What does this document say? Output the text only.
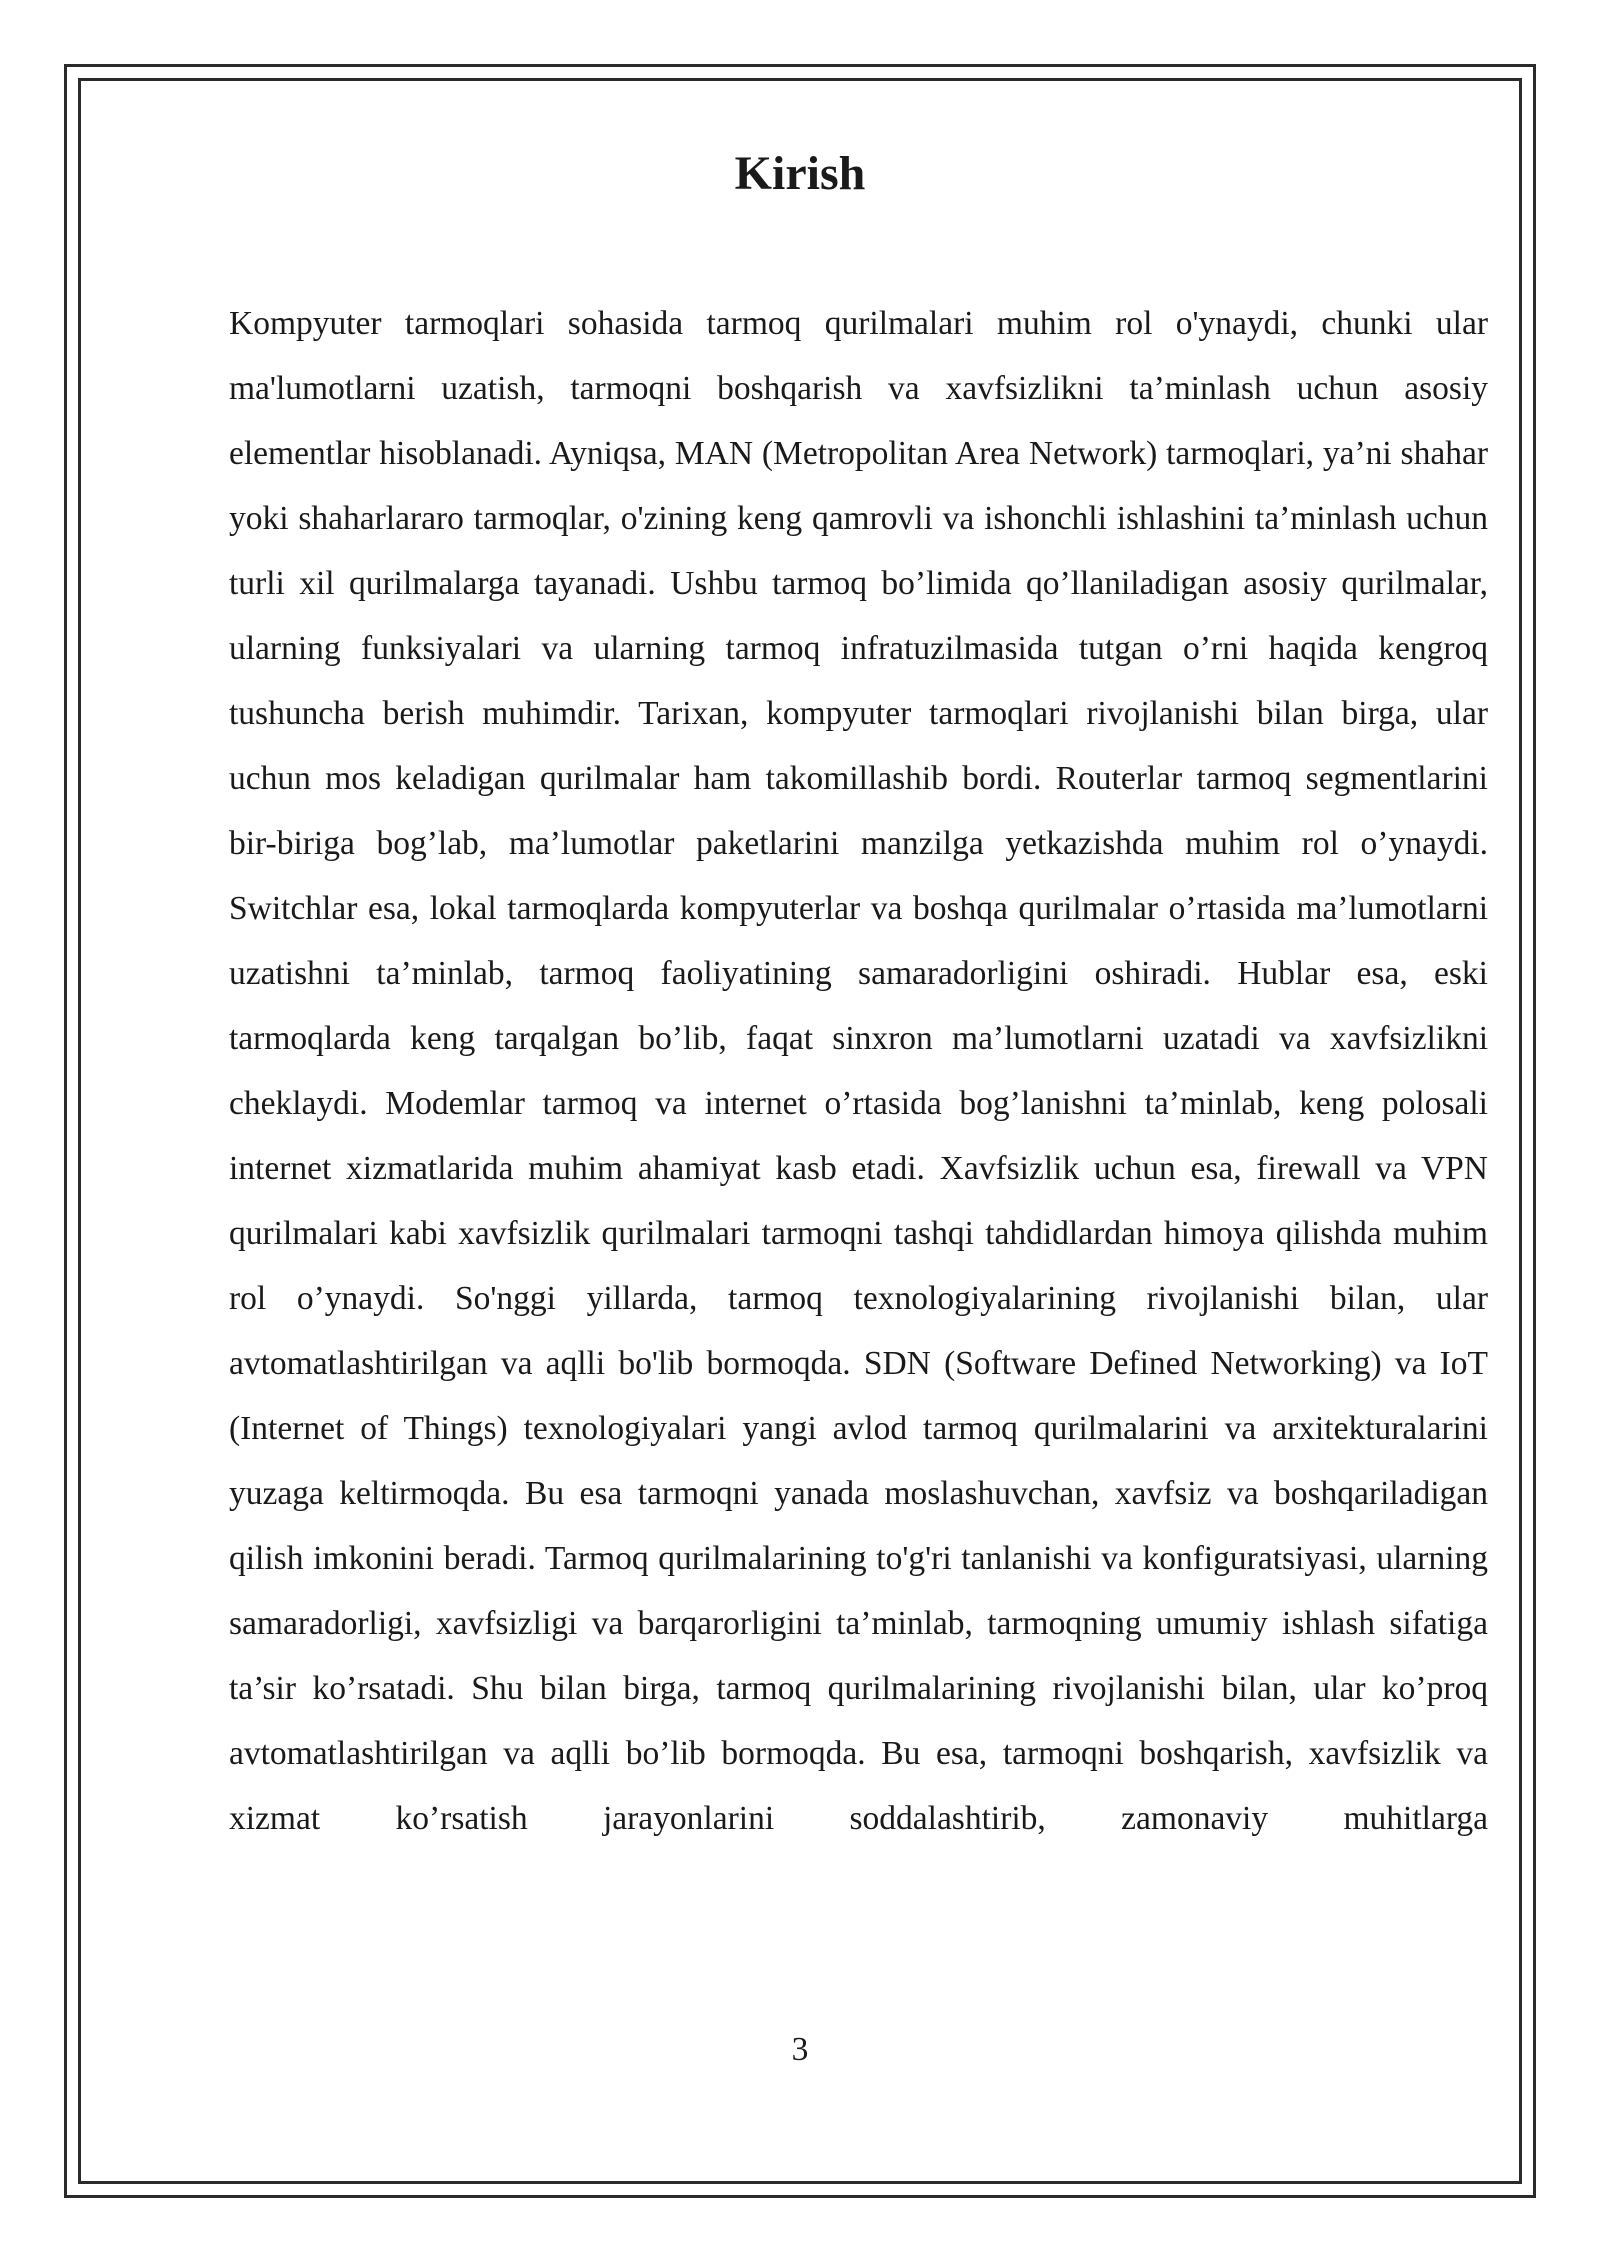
Kirish

Kompyuter tarmoqlari sohasida tarmoq qurilmalari muhim rol o'ynaydi, chunki ular ma'lumotlarni uzatish, tarmoqni boshqarish va xavfsizlikni ta’minlash uchun asosiy elementlar hisoblanadi. Ayniqsa, MAN (Metropolitan Area Network) tarmoqlari, ya’ni shahar yoki shaharlararo tarmoqlar, o'zining keng qamrovli va ishonchli ishlashini ta’minlash uchun turli xil qurilmalarga tayanadi. Ushbu tarmoq bo’limida qo’llaniladigan asosiy qurilmalar, ularning funksiyalari va ularning tarmoq infratuzilmasida tutgan o’rni haqida kengroq tushuncha berish muhimdir. Tarixan, kompyuter tarmoqlari rivojlanishi bilan birga, ular uchun mos keladigan qurilmalar ham takomillashib bordi. Routerlar tarmoq segmentlarini bir-biriga bog’lab, ma’lumotlar paketlarini manzilga yetkazishda muhim rol o’ynaydi. Switchlar esa, lokal tarmoqlarda kompyuterlar va boshqa qurilmalar o’rtasida ma’lumotlarni uzatishni ta’minlab, tarmoq faoliyatining samaradorligini oshiradi. Hublar esa, eski tarmoqlarda keng tarqalgan bo’lib, faqat sinxron ma’lumotlarni uzatadi va xavfsizlikni cheklaydi. Modemlar tarmoq va internet o’rtasida bog’lanishni ta’minlab, keng polosali internet xizmatlarida muhim ahamiyat kasb etadi. Xavfsizlik uchun esa, firewall va VPN qurilmalari kabi xavfsizlik qurilmalari tarmoqni tashqi tahdidlardan himoya qilishda muhim rol o’ynaydi. So'nggi yillarda, tarmoq texnologiyalarining rivojlanishi bilan, ular avtomatlashtirilgan va aqlli bo'lib bormoqda. SDN (Software Defined Networking) va IoT (Internet of Things) texnologiyalari yangi avlod tarmoq qurilmalarini va arxitekturalarini yuzaga keltirmoqda. Bu esa tarmoqni yanada moslashuvchan, xavfsiz va boshqariladigan qilish imkonini beradi. Tarmoq qurilmalarining to'g'ri tanlanishi va konfiguratsiyasi, ularning samaradorligi, xavfsizligi va barqarorligini ta’minlab, tarmoqning umumiy ishlash sifatiga ta’sir ko’rsatadi. Shu bilan birga, tarmoq qurilmalarining rivojlanishi bilan, ular ko’proq avtomatlashtirilgan va aqlli bo’lib bormoqda. Bu esa, tarmoqni boshqarish, xavfsizlik va xizmat ko’rsatish jarayonlarini soddalashtirib, zamonaviy muhitlarga

3
